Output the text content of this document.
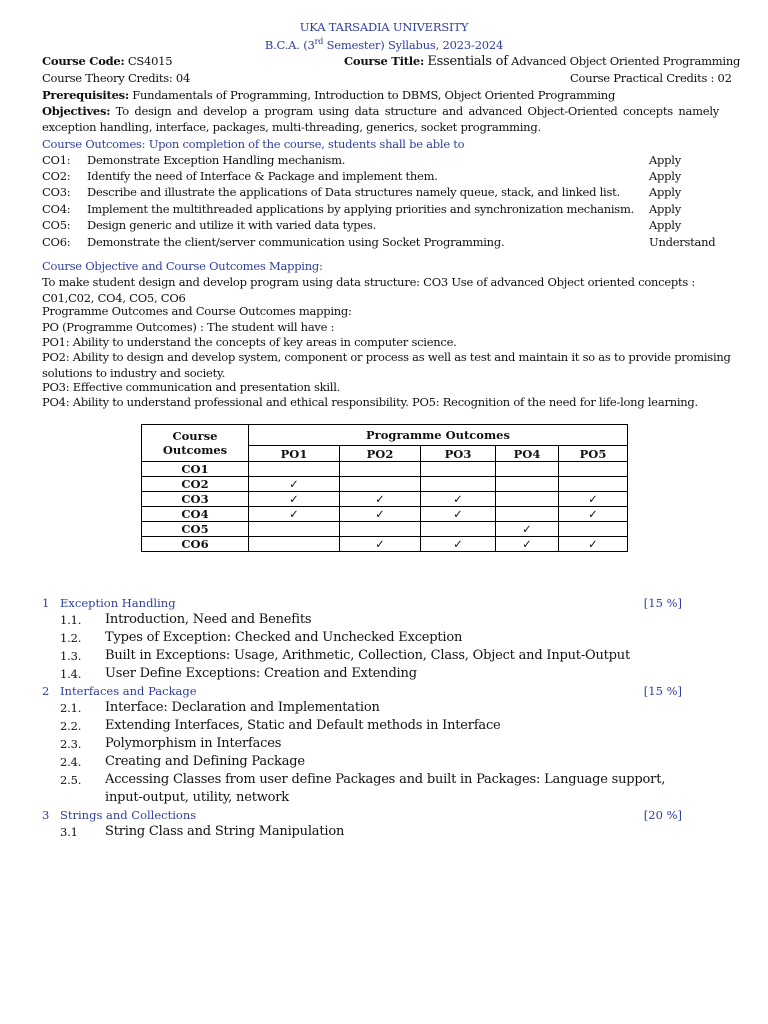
UKA TARSADIA UNIVERSITY
B.C.A. (3rd Semester) Syllabus, 2023-2024
Course Code: CS4015	Course Title: Essentials of Advanced Object Oriented Programming
Course Theory Credits: 04	Course Practical Credits : 02
Prerequisites: Fundamentals of Programming, Introduction to DBMS, Object Oriented Programming
Objectives: To design and develop a program using data structure and advanced Object-Oriented concepts namely exception handling, interface, packages, multi-threading, generics, socket programming.
Course Outcomes: Upon completion of the course, students shall be able to
CO1: Demonstrate Exception Handling mechanism.	Apply
CO2: Identify the need of Interface & Package and implement them.	Apply
CO3: Describe and illustrate the applications of Data structures namely queue, stack, and linked list.	Apply
CO4: Implement the multithreaded applications by applying priorities and synchronization mechanism. Apply
CO5: Design generic and utilize it with varied data types.	Apply
CO6: Demonstrate the client/server communication using Socket Programming.	Understand
Course Objective and Course Outcomes Mapping:
To make student design and develop program using data structure: CO3 Use of advanced Object oriented concepts : C01,C02, CO4, CO5, CO6
Programme Outcomes and Course Outcomes mapping:
PO (Programme Outcomes) : The student will have :
PO1: Ability to understand the concepts of key areas in computer science.
PO2: Ability to design and develop system, component or process as well as test and maintain it so as to provide promising solutions to industry and society.
PO3: Effective communication and presentation skill.
PO4: Ability to understand professional and ethical responsibility. PO5: Recognition of the need for life-long learning.
Course
Outcomes	Programme Outcomes				
	PO1	PO2	PO3	PO4	PO5
CO1					
CO2	✓				
CO3	✓	✓	✓		✓
CO4	✓	✓	✓		✓
CO5				✓	
CO6		✓	✓	✓	✓
1 Exception Handling	[15 %]
1.1. Introduction, Need and Benefits
1.2. Types of Exception: Checked and Unchecked Exception
1.3. Built in Exceptions: Usage, Arithmetic, Collection, Class, Object and Input-Output
1.4. User Define Exceptions: Creation and Extending
2 Interfaces and Package	[15 %]
2.1. Interface: Declaration and Implementation
2.2. Extending Interfaces, Static and Default methods in Interface
2.3. Polymorphism in Interfaces
2.4. Creating and Defining Package
2.5. Accessing Classes from user define Packages and built in Packages: Language support,
input-output, utility, network
3 Strings and Collections	[20 %]
3.1 String Class and String Manipulation
